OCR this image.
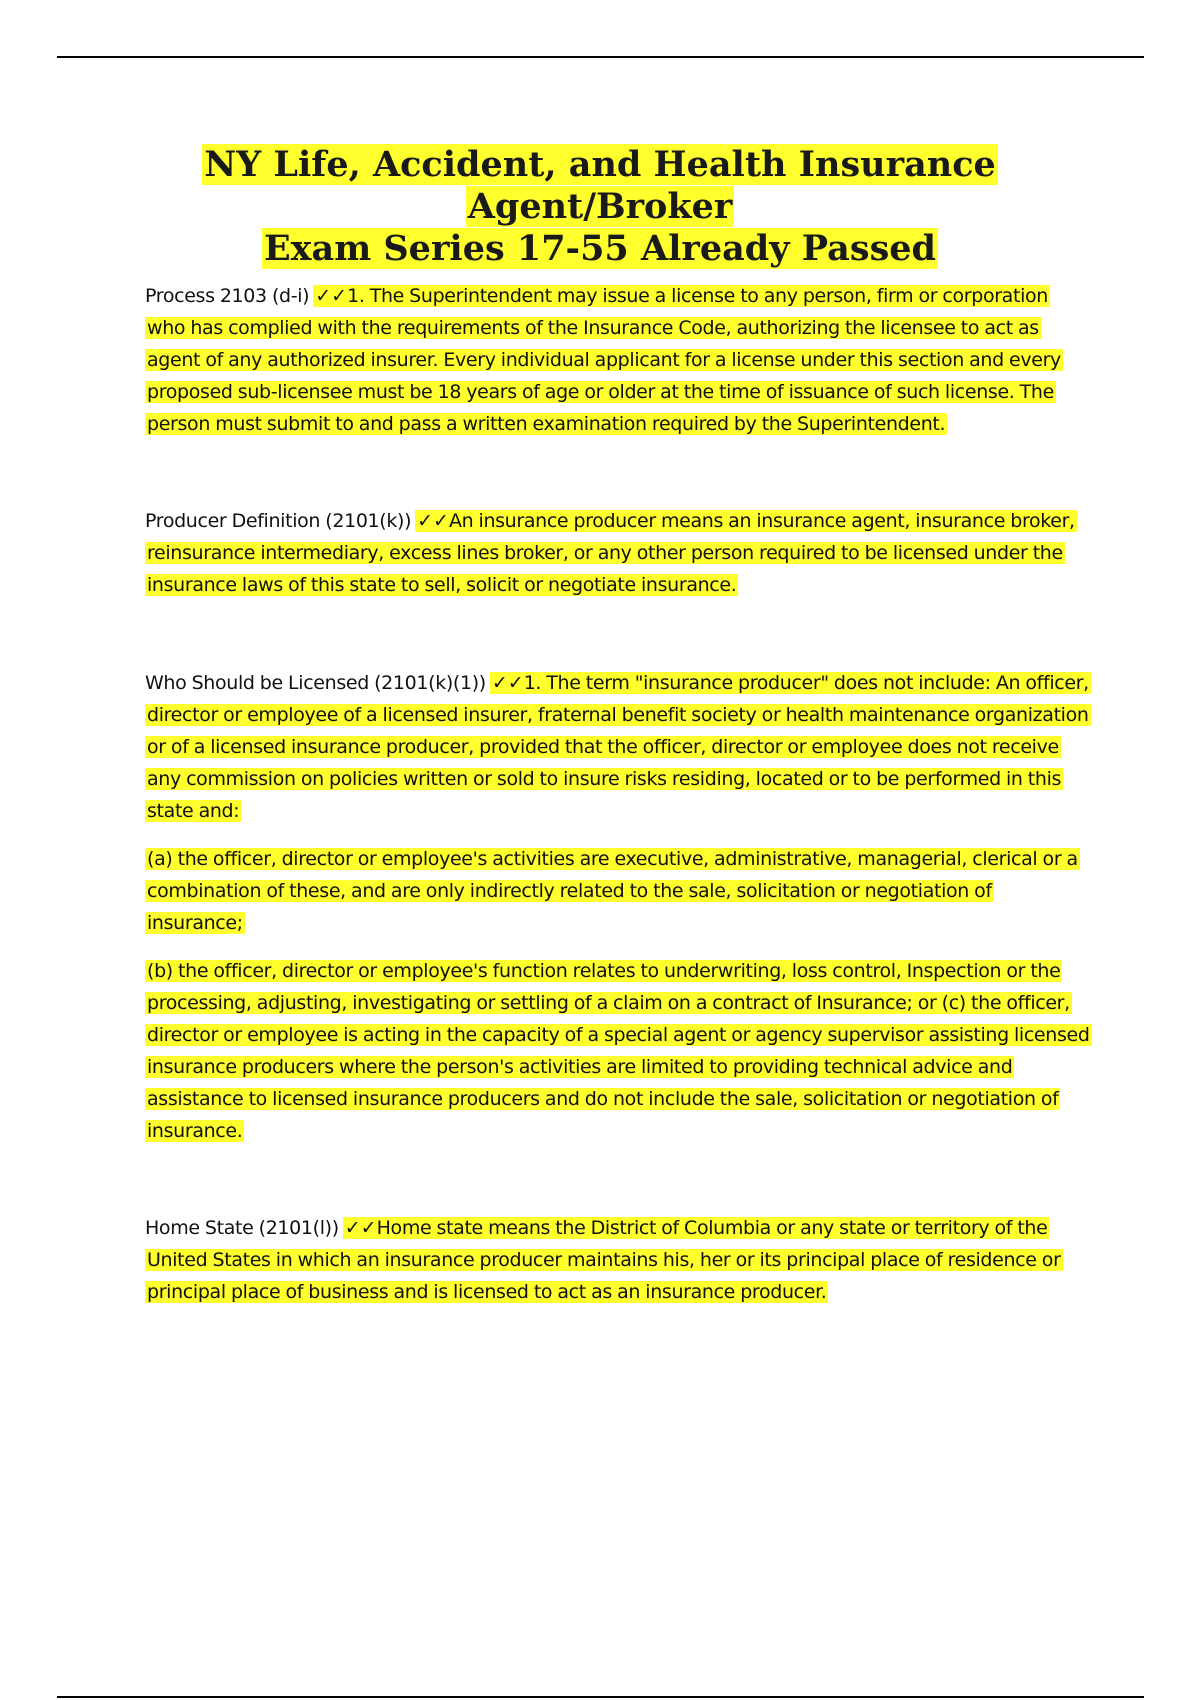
NY Life, Accident, and Health Insurance Agent/Broker
Exam Series 17-55 Already Passed

Process 2103 (d-i) ✓✓1. The Superintendent may issue a license to any person, firm or corporation who has complied with the requirements of the Insurance Code, authorizing the licensee to act as agent of any authorized insurer. Every individual applicant for a license under this section and every proposed sub-licensee must be 18 years of age or older at the time of issuance of such license. The person must submit to and pass a written examination required by the Superintendent.

Producer Definition (2101(k)) ✓✓An insurance producer means an insurance agent, insurance broker, reinsurance intermediary, excess lines broker, or any other person required to be licensed under the insurance laws of this state to sell, solicit or negotiate insurance.

Who Should be Licensed (2101(k)(1)) ✓✓1. The term "insurance producer" does not include: An officer, director or employee of a licensed insurer, fraternal benefit society or health maintenance organization or of a licensed insurance producer, provided that the officer, director or employee does not receive any commission on policies written or sold to insure risks residing, located or to be performed in this state and:

(a) the officer, director or employee's activities are executive, administrative, managerial, clerical or a combination of these, and are only indirectly related to the sale, solicitation or negotiation of insurance;

(b) the officer, director or employee's function relates to underwriting, loss control, Inspection or the processing, adjusting, investigating or settling of a claim on a contract of Insurance; or (c) the officer, director or employee is acting in the capacity of a special agent or agency supervisor assisting licensed insurance producers where the person's activities are limited to providing technical advice and assistance to licensed insurance producers and do not include the sale, solicitation or negotiation of insurance.

Home State (2101(l)) ✓✓Home state means the District of Columbia or any state or territory of the United States in which an insurance producer maintains his, her or its principal place of residence or principal place of business and is licensed to act as an insurance producer.
